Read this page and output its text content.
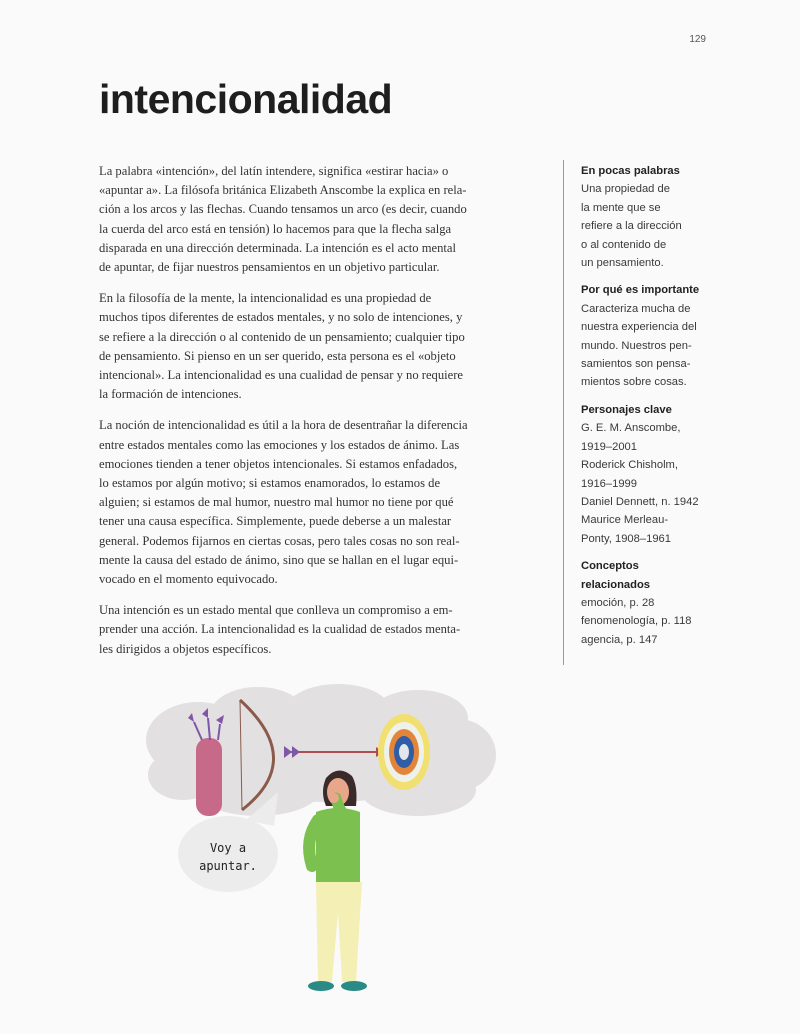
129
intencionalidad

La palabra «intención», del latín intendere, significa «estirar hacia» o
«apuntar a». La filósofa británica Elizabeth Anscombe la explica en rela-
ción a los arcos y las flechas. Cuando tensamos un arco (es decir, cuando
la cuerda del arco está en tensión) lo hacemos para que la flecha salga
disparada en una dirección determinada. La intención es el acto mental
de apuntar, de fijar nuestros pensamientos en un objetivo particular.

En la filosofía de la mente, la intencionalidad es una propiedad de
muchos tipos diferentes de estados mentales, y no solo de intenciones, y
se refiere a la dirección o al contenido de un pensamiento; cualquier tipo
de pensamiento. Si pienso en un ser querido, esta persona es el «objeto
intencional». La intencionalidad es una cualidad de pensar y no requiere
la formación de intenciones.

La noción de intencionalidad es útil a la hora de desentrañar la diferencia
entre estados mentales como las emociones y los estados de ánimo. Las
emociones tienden a tener objetos intencionales. Si estamos enfadados,
lo estamos por algún motivo; si estamos enamorados, lo estamos de
alguien; si estamos de mal humor, nuestro mal humor no tiene por qué
tener una causa específica. Simplemente, puede deberse a un malestar
general. Podemos fijarnos en ciertas cosas, pero tales cosas no son real-
mente la causa del estado de ánimo, sino que se hallan en el lugar equi-
vocado en el momento equivocado.

Una intención es un estado mental que conlleva un compromiso a em-
prender una acción. La intencionalidad es la cualidad de estados menta-
les dirigidos a objetos específicos.

En pocas palabras
Una propiedad de
la mente que se
refiere a la dirección
o al contenido de
un pensamiento.
Por qué es importante
Caracteriza mucha de
nuestra experiencia del
mundo. Nuestros pen-
samientos son pensa-
mientos sobre cosas.
Personajes clave
G. E. M. Anscombe,
1919–2001
Roderick Chisholm,
1916–1999
Daniel Dennett, n. 1942
Maurice Merleau-
Ponty, 1908–1961
Conceptos
relacionados
emoción, p. 28
fenomenología, p. 118
agencia, p. 147
Voy a
apuntar.
